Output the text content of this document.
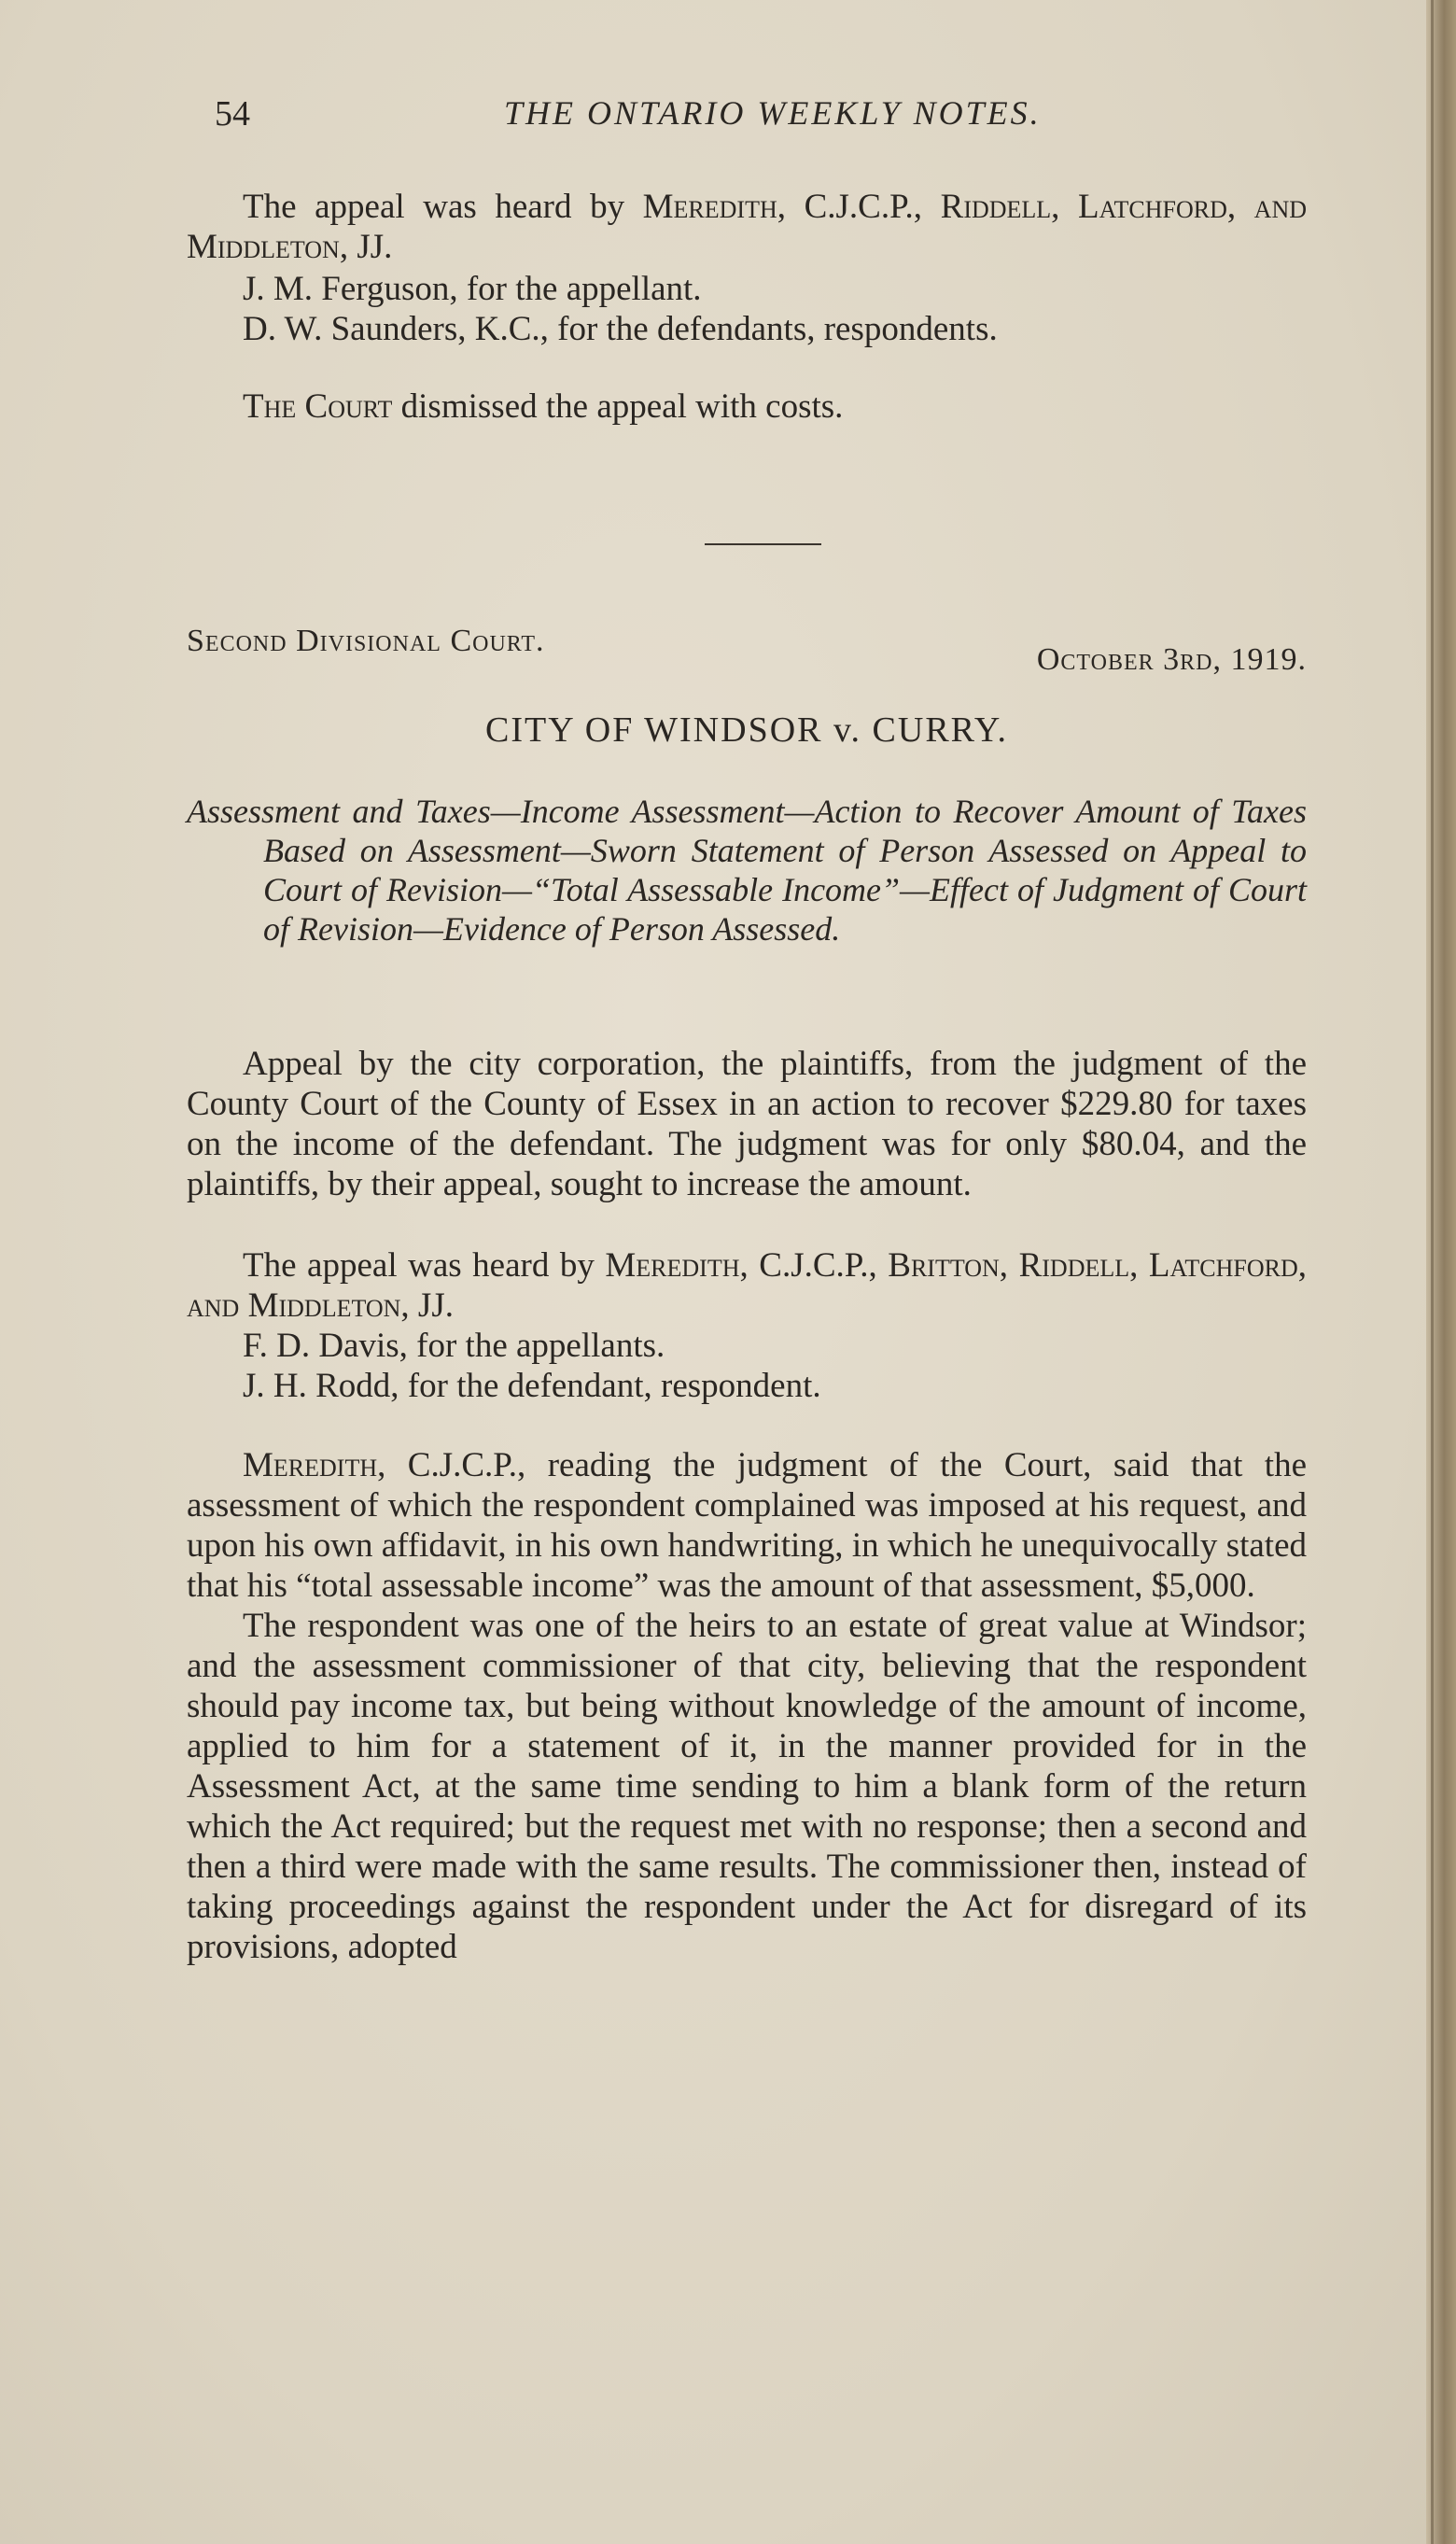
54	THE ONTARIO WEEKLY NOTES.

The appeal was heard by Meredith, C.J.C.P., Riddell, Latchford, and Middleton, JJ.

J. M. Ferguson, for the appellant.

D. W. Saunders, K.C., for the defendants, respondents.

The Court dismissed the appeal with costs.

Second Divisional Court.
October 3rd, 1919.
CITY OF WINDSOR v. CURRY.
Assessment and Taxes—Income Assessment—Action to Recover Amount of Taxes Based on Assessment—Sworn Statement of Person Assessed on Appeal to Court of Revision—“Total Assessable Income”—Effect of Judgment of Court of Revision—Evidence of Person Assessed.

Appeal by the city corporation, the plaintiffs, from the judgment of the County Court of the County of Essex in an action to recover $229.80 for taxes on the income of the defendant. The judgment was for only $80.04, and the plaintiffs, by their appeal, sought to increase the amount.

The appeal was heard by Meredith, C.J.C.P., Britton, Riddell, Latchford, and Middleton, JJ.

F. D. Davis, for the appellants.

J. H. Rodd, for the defendant, respondent.

Meredith, C.J.C.P., reading the judgment of the Court, said that the assessment of which the respondent complained was imposed at his request, and upon his own affidavit, in his own handwriting, in which he unequivocally stated that his “total assessable income” was the amount of that assessment, $5,000.

The respondent was one of the heirs to an estate of great value at Windsor; and the assessment commissioner of that city, believing that the respondent should pay income tax, but being without knowledge of the amount of income, applied to him for a statement of it, in the manner provided for in the Assessment Act, at the same time sending to him a blank form of the return which the Act required; but the request met with no response; then a second and then a third were made with the same results. The commissioner then, instead of taking proceedings against the respondent under the Act for disregard of its provisions, adopted
